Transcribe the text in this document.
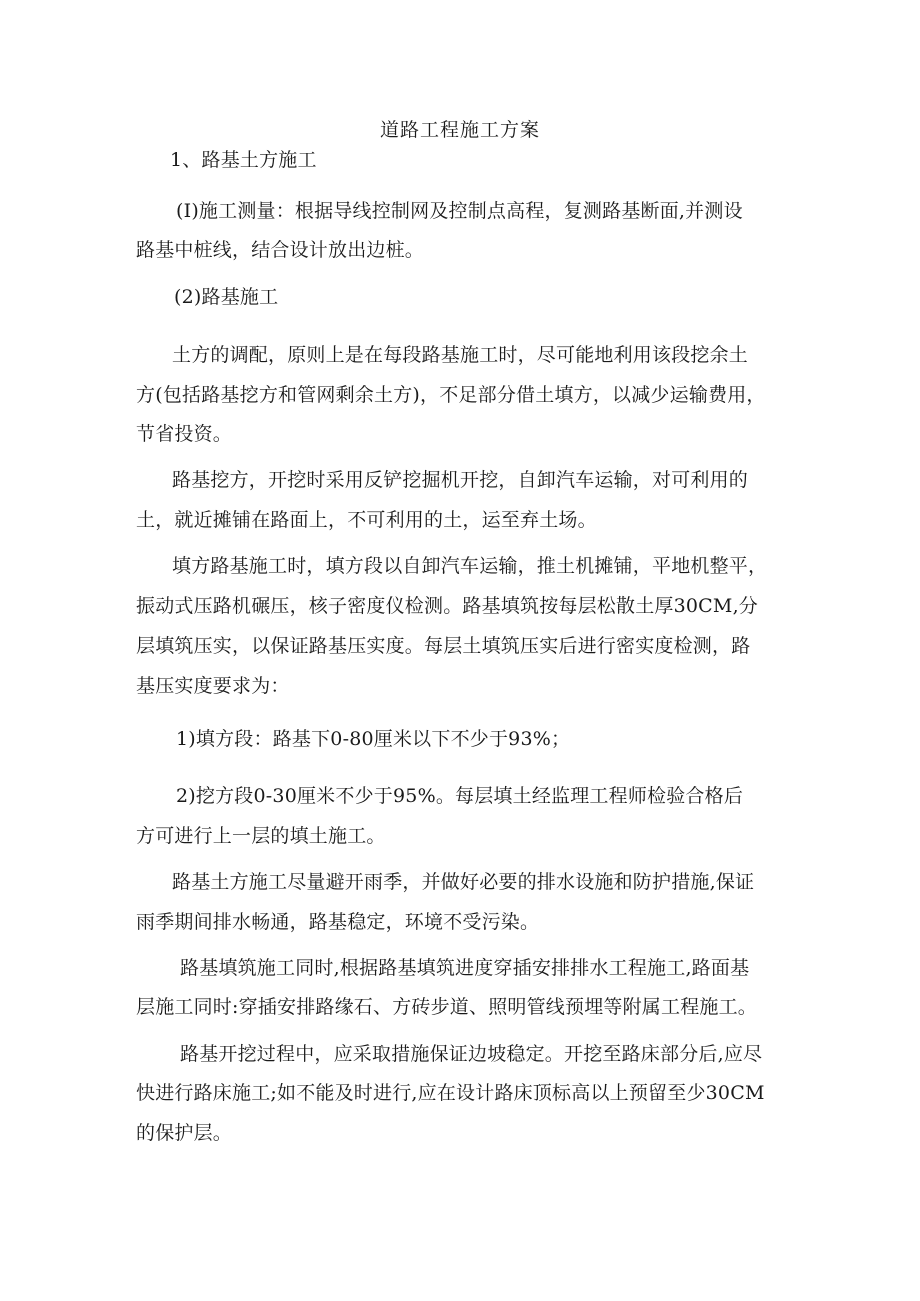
道路工程施工方案
1、路基土方施工
(I)施工测量：根据导线控制网及控制点高程，复测路基断面,并测设
路基中桩线，结合设计放出边桩。
(2)路基施工
土方的调配，原则上是在每段路基施工时，尽可能地利用该段挖余土
方(包括路基挖方和管网剩余土方)，不足部分借土填方，以减少运输费用，
节省投资。
路基挖方，开挖时采用反铲挖掘机开挖，自卸汽车运输，对可利用的
土，就近摊铺在路面上，不可利用的土，运至弃土场。
填方路基施工时，填方段以自卸汽车运输，推土机摊铺，平地机整平，
振动式压路机碾压，核子密度仪检测。路基填筑按每层松散土厚30CM,分
层填筑压实，以保证路基压实度。每层土填筑压实后进行密实度检测，路
基压实度要求为：
1)填方段：路基下0-80厘米以下不少于93%；
2)挖方段0-30厘米不少于95%。每层填土经监理工程师检验合格后
方可进行上一层的填土施工。
路基土方施工尽量避开雨季，并做好必要的排水设施和防护措施,保证
雨季期间排水畅通，路基稳定，环境不受污染。
路基填筑施工同时,根据路基填筑进度穿插安排排水工程施工,路面基
层施工同时:穿插安排路缘石、方砖步道、照明管线预埋等附属工程施工。
路基开挖过程中，应采取措施保证边坡稳定。开挖至路床部分后,应尽
快进行路床施工;如不能及时进行,应在设计路床顶标高以上预留至少30CM
的保护层。
